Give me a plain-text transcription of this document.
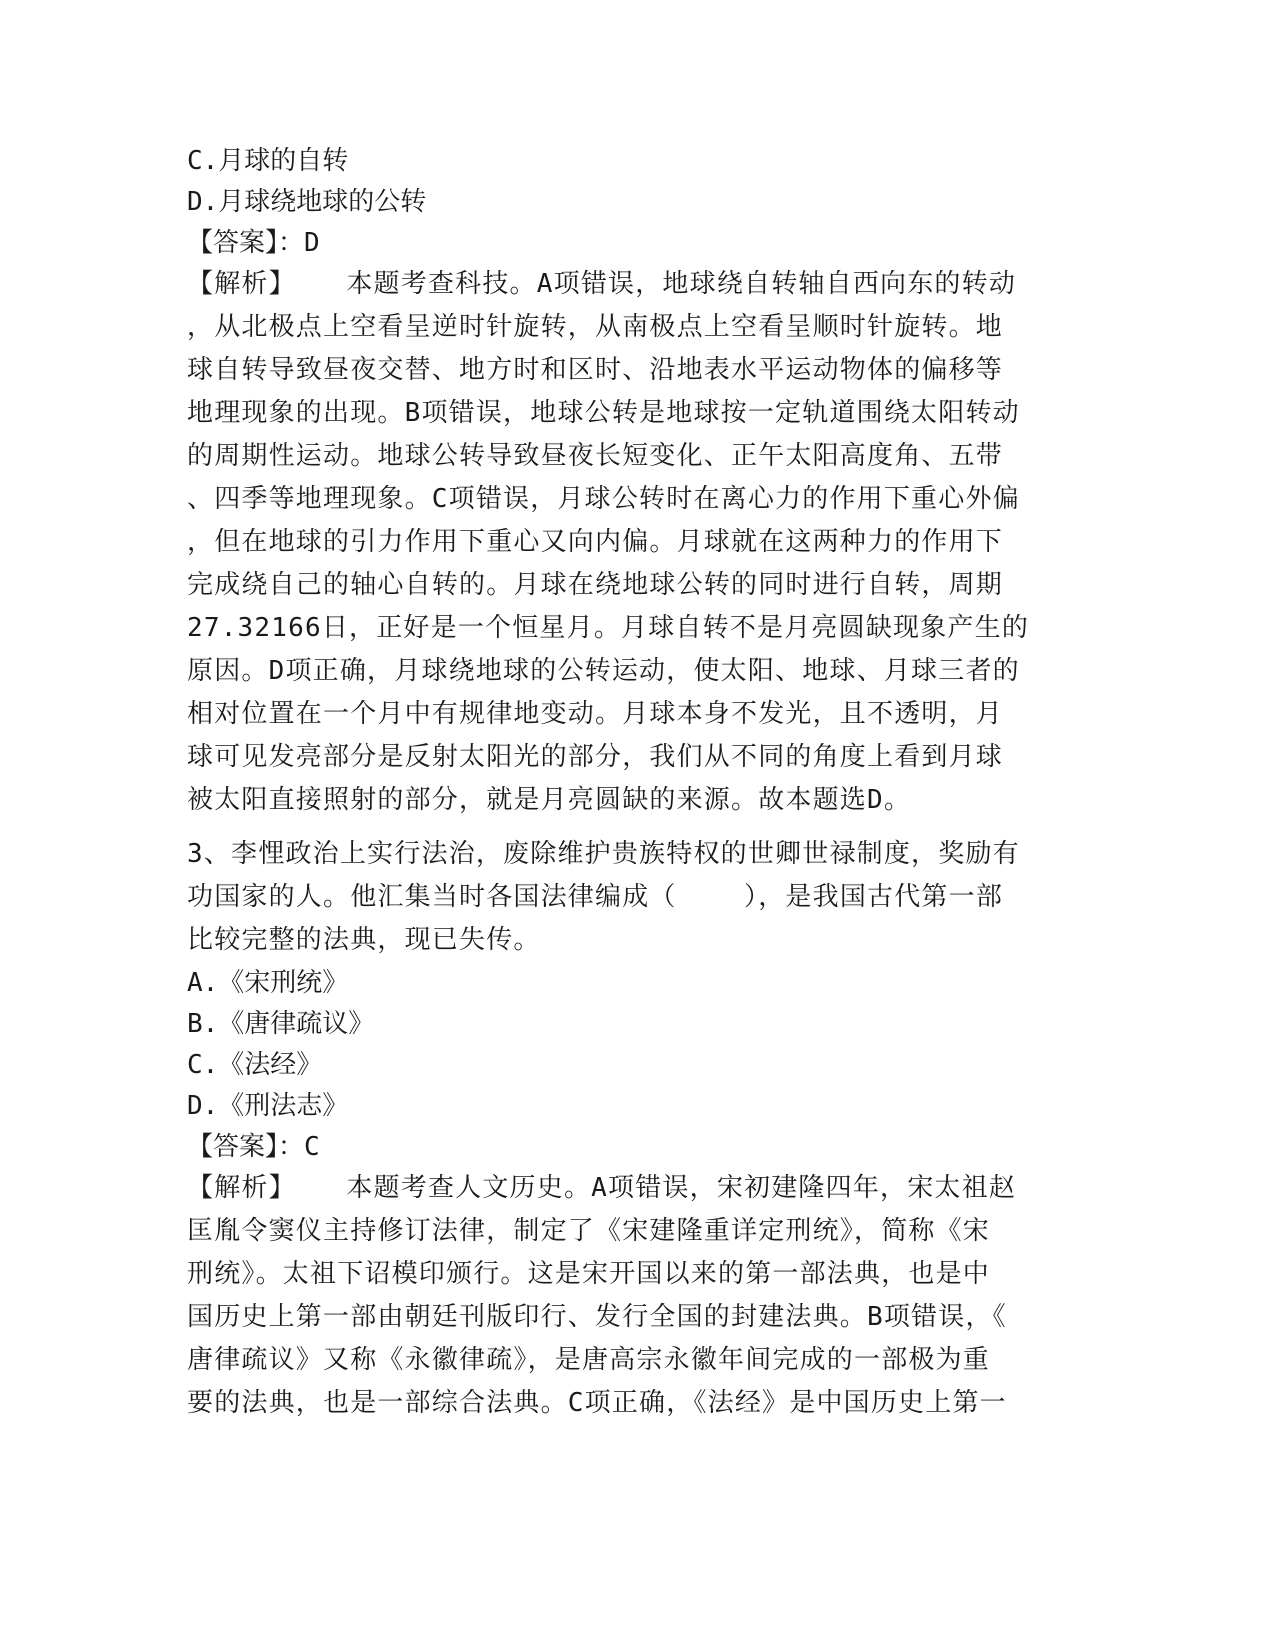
C.月球的自转
D.月球绕地球的公转
【答案】：D
【解析】   本题考查科技。A项错误，地球绕自转轴自西向东的转动
，从北极点上空看呈逆时针旋转，从南极点上空看呈顺时针旋转。地
球自转导致昼夜交替、地方时和区时、沿地表水平运动物体的偏移等
地理现象的出现。B项错误，地球公转是地球按一定轨道围绕太阳转动
的周期性运动。地球公转导致昼夜长短变化、正午太阳高度角、五带
、四季等地理现象。C项错误，月球公转时在离心力的作用下重心外偏
，但在地球的引力作用下重心又向内偏。月球就在这两种力的作用下
完成绕自己的轴心自转的。月球在绕地球公转的同时进行自转，周期
27.32166日，正好是一个恒星月。月球自转不是月亮圆缺现象产生的
原因。D项正确，月球绕地球的公转运动，使太阳、地球、月球三者的
相对位置在一个月中有规律地变动。月球本身不发光，且不透明，月
球可见发亮部分是反射太阳光的部分，我们从不同的角度上看到月球
被太阳直接照射的部分，就是月亮圆缺的来源。故本题选D。
3、李悝政治上实行法治，废除维护贵族特权的世卿世禄制度，奖励有
功国家的人。他汇集当时各国法律编成（    ），是我国古代第一部
比较完整的法典，现已失传。
A.《宋刑统》
B.《唐律疏议》
C.《法经》
D.《刑法志》
【答案】：C
【解析】   本题考查人文历史。A项错误，宋初建隆四年，宋太祖赵
匡胤令窦仪主持修订法律，制定了《宋建隆重详定刑统》，简称《宋
刑统》。太祖下诏模印颁行。这是宋开国以来的第一部法典，也是中
国历史上第一部由朝廷刊版印行、发行全国的封建法典。B项错误，《
唐律疏议》又称《永徽律疏》，是唐高宗永徽年间完成的一部极为重
要的法典，也是一部综合法典。C项正确，《法经》是中国历史上第一
